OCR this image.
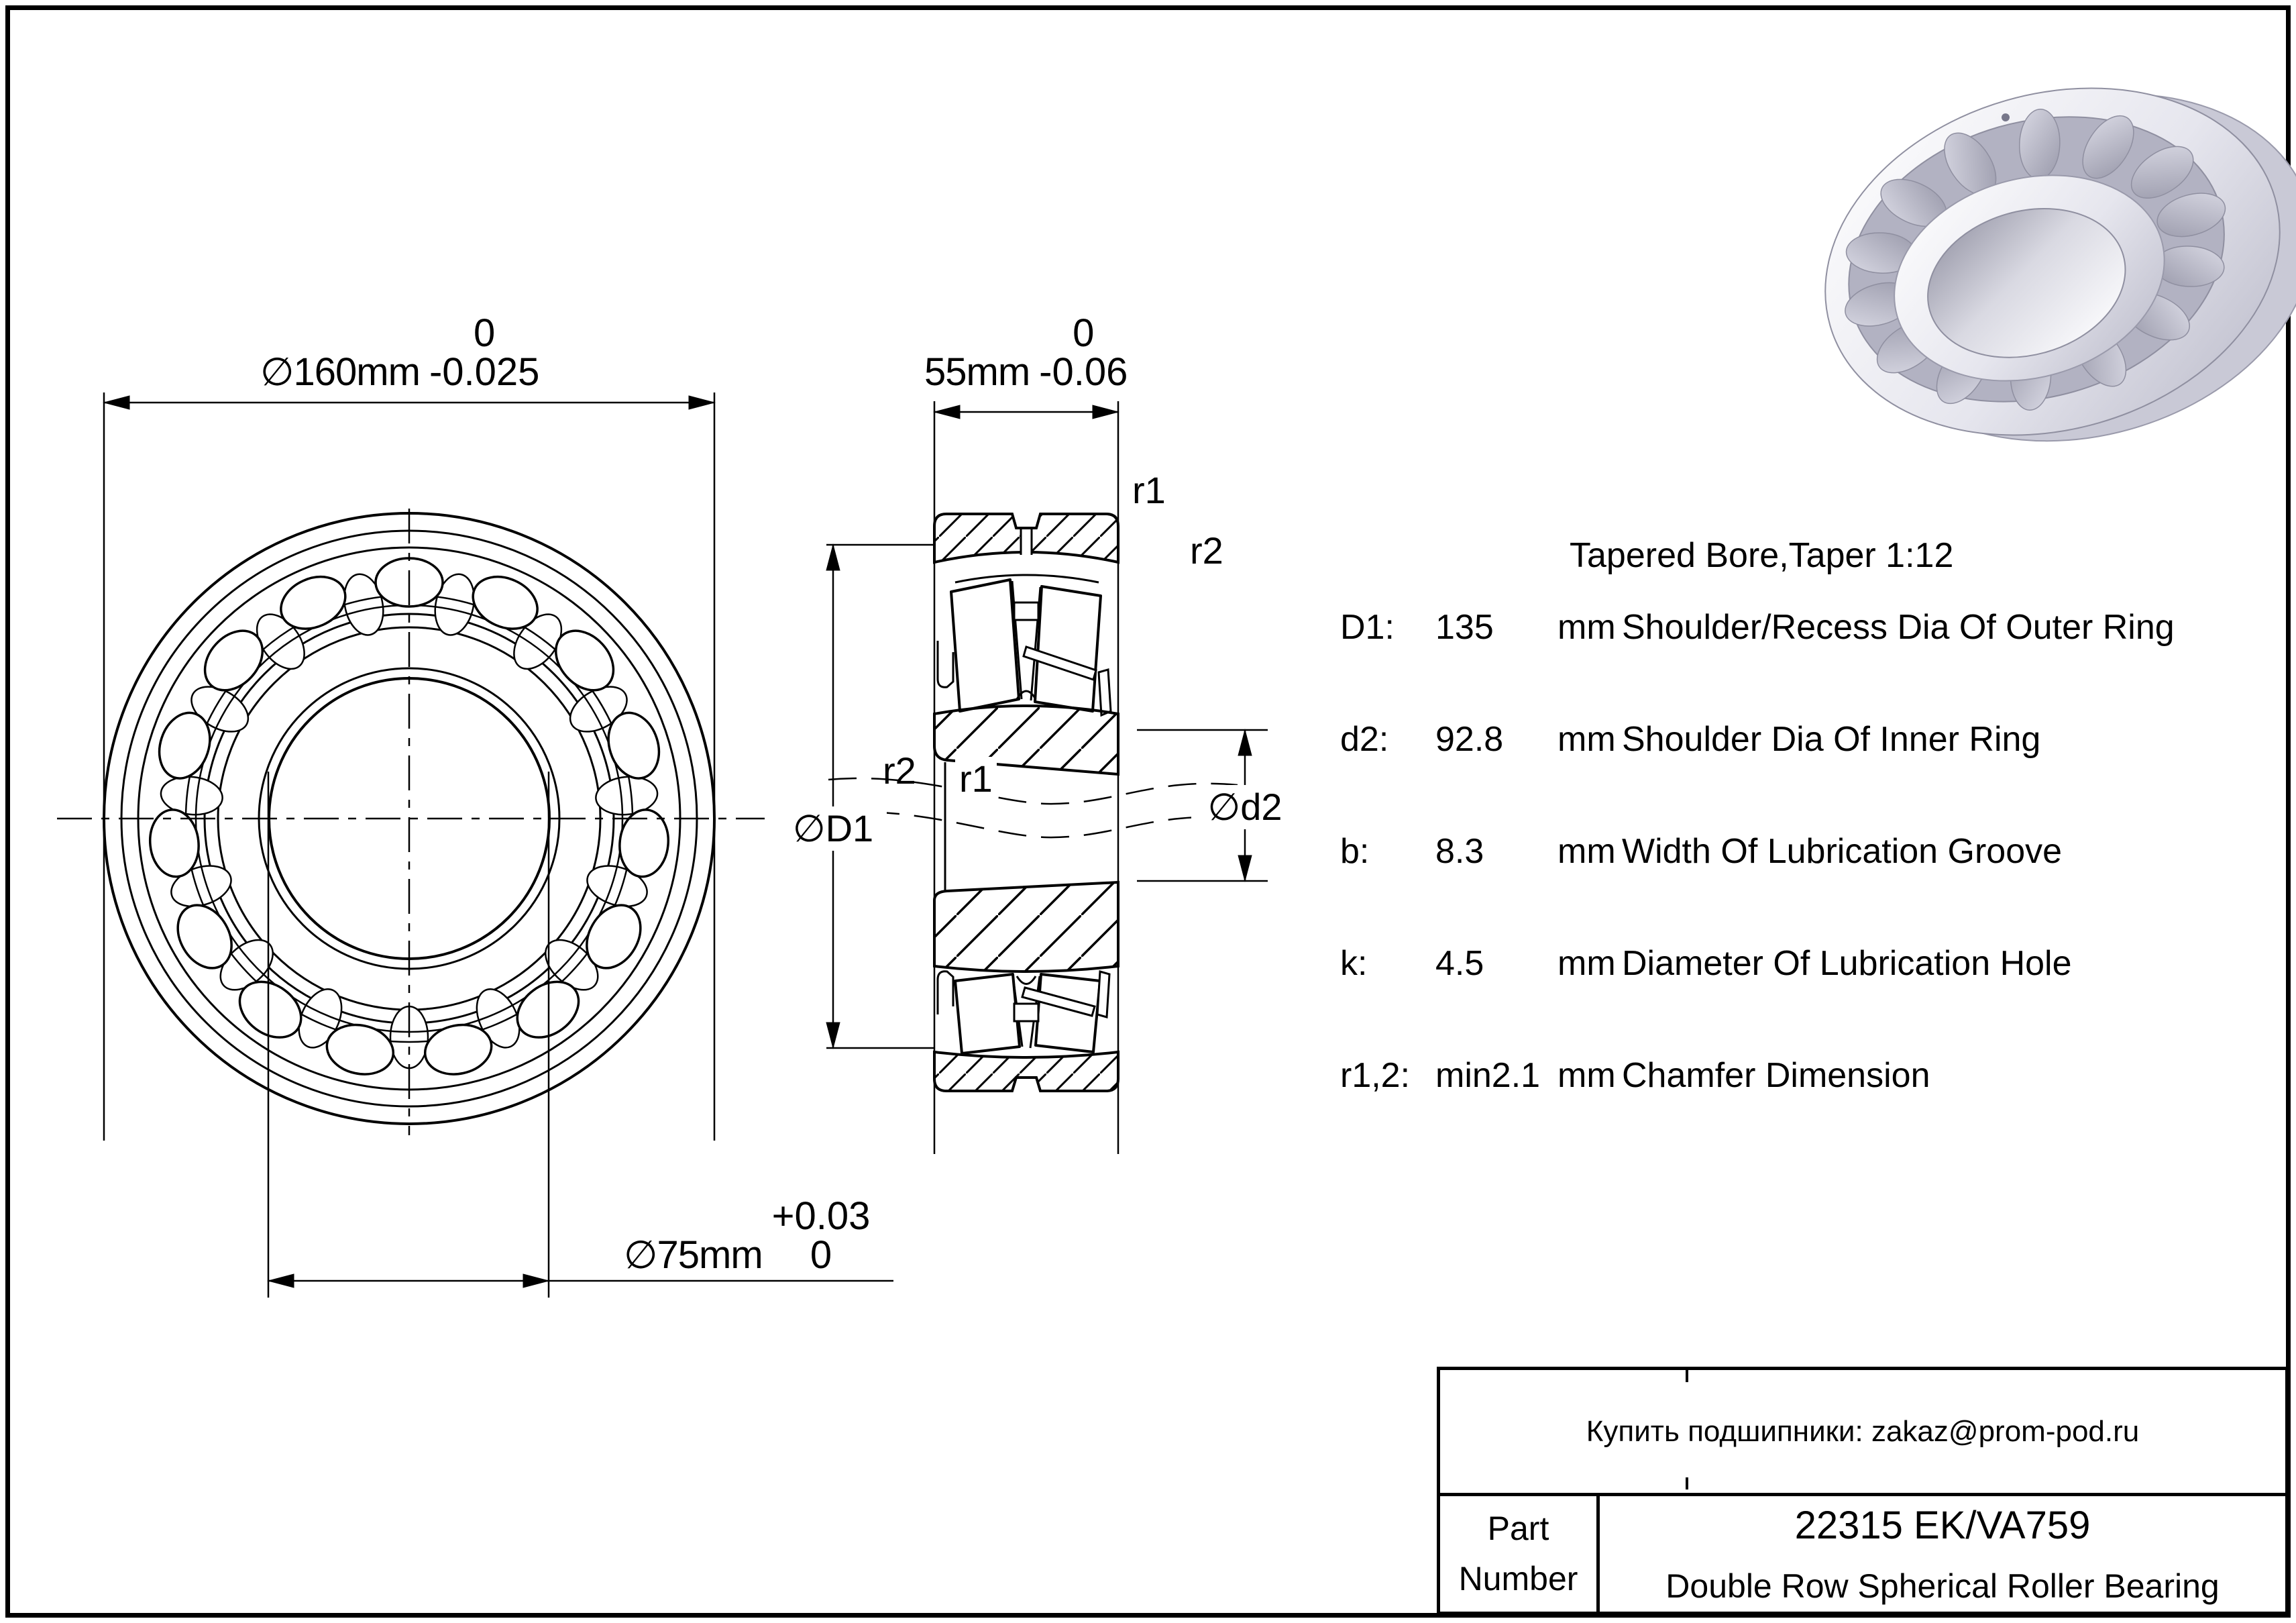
∅160mm
0
-0.025	55mm
0
-0.06
∅75mm
+0.03
0
r1
r2
r2 r1
∅D1
∅d2
Tapered Bore,Taper 1:12
D1: 135 mm Shoulder/Recess Dia Of Outer Ring
d2: 92.8 mm Shoulder Dia Of Inner Ring
b: 8.3 mm Width Of Lubrication Groove
k: 4.5 mm Diameter Of Lubrication Hole
r1,2: min2.1 mm Chamfer Dimension
Купить подшипники: zakaz@prom-pod.ru
Part
Number
22315 EK/VA759
Double Row Spherical Roller Bearing
